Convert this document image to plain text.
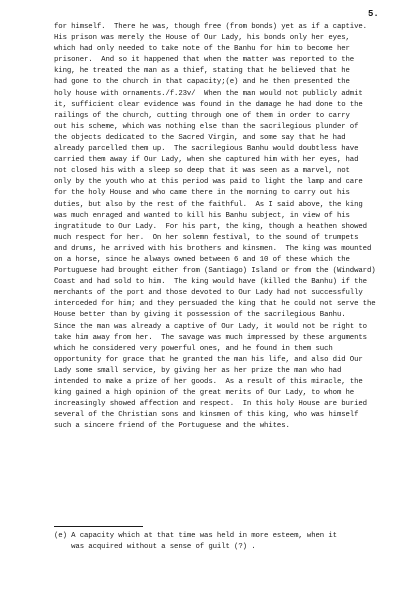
5.
for himself.  There he was, though free (from bonds) yet as if a captive.
His prison was merely the House of Our Lady, his bonds only her eyes,
which had only needed to take note of the Banhu for him to become her
prisoner.  And so it happened that when the matter was reported to the
king, he treated the man as a thief, stating that he believed that he
had gone to the church in that capacity;(e) and he then presented the
holy house with ornaments./f.23v/  When the man would not publicly admit
it, sufficient clear evidence was found in the damage he had done to the
railings of the church, cutting through one of them in order to carry
out his scheme, which was nothing else than the sacrilegious plunder of
the objects dedicated to the Sacred Virgin, and some say that he had
already parcelled them up.  The sacrilegious Banhu would doubtless have
carried them away if Our Lady, when she captured him with her eyes, had
not closed his with a sleep so deep that it was seen as a marvel, not
only by the youth who at this period was paid to light the lamp and care
for the holy House and who came there in the morning to carry out his
duties, but also by the rest of the faithful.  As I said above, the king
was much enraged and wanted to kill his Banhu subject, in view of his
ingratitude to Our Lady.  For his part, the king, though a heathen showed
much respect for her.  On her solemn festival, to the sound of trumpets
and drums, he arrived with his brothers and kinsmen.  The king was mounted
on a horse, since he always owned between 6 and 10 of these which the
Portuguese had brought either from (Santiago) Island or from the (Windward)
Coast and had sold to him.  The king would have (killed the Banhu) if the
merchants of the port and those devoted to Our Lady had not successfully
interceded for him; and they persuaded the king that he could not serve the
House better than by giving it possession of the sacrilegious Banhu.
Since the man was already a captive of Our Lady, it would not be right to
take him away from her.  The savage was much impressed by these arguments
which he considered very powerful ones, and he found in them such
opportunity for grace that he granted the man his life, and also did Our
Lady some small service, by giving her as her prize the man who had
intended to make a prize of her goods.  As a result of this miracle, the
king gained a high opinion of the great merits of Our Lady, to whom he
increasingly showed affection and respect.  In this holy House are buried
several of the Christian sons and kinsmen of this king, who was himself
such a sincere friend of the Portuguese and the whites.
(e) A capacity which at that time was held in more esteem, when it
was acquired without a sense of guilt (?) .
